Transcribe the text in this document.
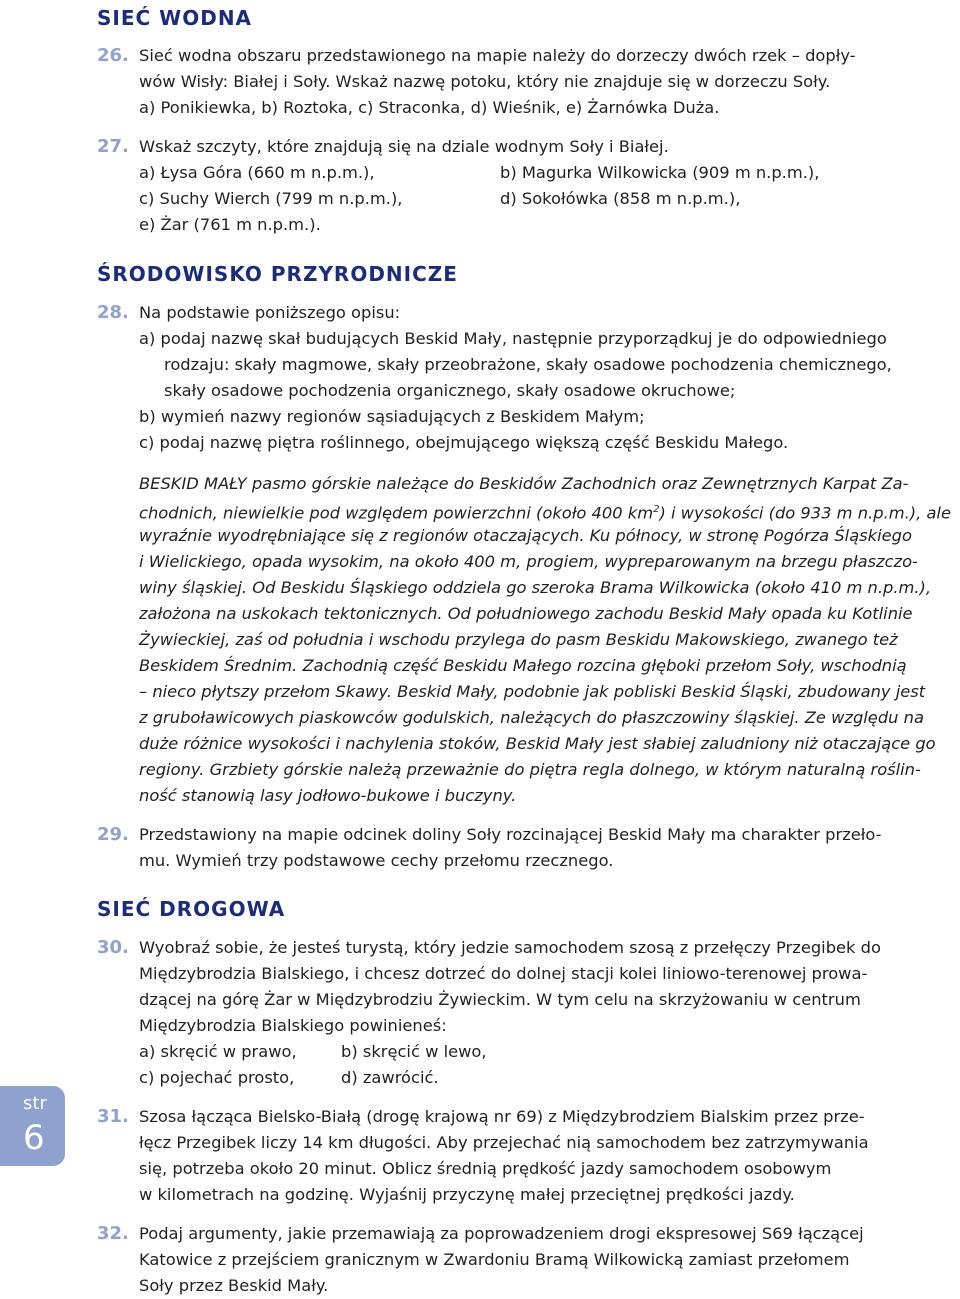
SIEĆ WODNA
26. Sieć wodna obszaru przedstawionego na mapie należy do dorzeczy dwóch rzek – dopły-

wów Wisły: Białej i Soły. Wskaż nazwę potoku, który nie znajduje się w dorzeczu Soły.

a) Ponikiewka, b) Roztoka, c) Straconka, d) Wieśnik, e) Żarnówka Duża.

27. Wskaż szczyty, które znajdują się na dziale wodnym Soły i Białej.

a) Łysa Góra (660 m n.p.m.),	b) Magurka Wilkowicka (909 m n.p.m.),

c) Suchy Wierch (799 m n.p.m.),	d) Sokołówka (858 m n.p.m.),

e) Żar (761 m n.p.m.).

ŚRODOWISKO PRZYRODNICZE
28. Na podstawie poniższego opisu:

a) podaj nazwę skał budujących Beskid Mały, następnie przyporządkuj je do odpowiedniego

rodzaju: skały magmowe, skały przeobrażone, skały osadowe pochodzenia chemicznego,

skały osadowe pochodzenia organicznego, skały osadowe okruchowe;

b) wymień nazwy regionów sąsiadujących z Beskidem Małym;

c) podaj nazwę piętra roślinnego, obejmującego większą część Beskidu Małego.

BESKID MAŁY pasmo górskie należące do Beskidów Zachodnich oraz Zewnętrznych Karpat Za-

chodnich, niewielkie pod względem powierzchni (około 400 $km^2$) i wysokości (do 933 m n.p.m.), ale

wyraźnie wyodrębniające się z regionów otaczających. Ku północy, w stronę Pogórza Śląskiego

i Wielickiego, opada wysokim, na około 400 m, progiem, wypreparowanym na brzegu płaszczo-

winy śląskiej. Od Beskidu Śląskiego oddziela go szeroka Brama Wilkowicka (około 410 m n.p.m.),

założona na uskokach tektonicznych. Od południowego zachodu Beskid Mały opada ku Kotlinie

Żywieckiej, zaś od południa i wschodu przylega do pasm Beskidu Makowskiego, zwanego też

Beskidem Średnim. Zachodnią część Beskidu Małego rozcina głęboki przełom Soły, wschodnią

– nieco płytszy przełom Skawy. Beskid Mały, podobnie jak pobliski Beskid Śląski, zbudowany jest

z gruboławicowych piaskowców godulskich, należących do płaszczowiny śląskiej. Ze względu na

duże różnice wysokości i nachylenia stoków, Beskid Mały jest słabiej zaludniony niż otaczające go

regiony. Grzbiety górskie należą przeważnie do piętra regla dolnego, w którym naturalną roślin-

ność stanowią lasy jodłowo-bukowe i buczyny.

29. Przedstawiony na mapie odcinek doliny Soły rozcinającej Beskid Mały ma charakter przeło-

mu. Wymień trzy podstawowe cechy przełomu rzecznego.

SIEĆ DROGOWA
30. Wyobraź sobie, że jesteś turystą, który jedzie samochodem szosą z przełęczy Przegibek do

Międzybrodzia Bialskiego, i chcesz dotrzeć do dolnej stacji kolei liniowo-terenowej prowa-

dzącej na górę Żar w Międzybrodziu Żywieckim. W tym celu na skrzyżowaniu w centrum

Międzybrodzia Bialskiego powinieneś:

a) skręcić w prawo,	b) skręcić w lewo,

c) pojechać prosto,	d) zawrócić.

str
6
31. Szosa łącząca Bielsko-Białą (drogę krajową nr 69) z Międzybrodziem Bialskim przez prze-

łęcz Przegibek liczy 14 km długości. Aby przejechać nią samochodem bez zatrzymywania

się, potrzeba około 20 minut. Oblicz średnią prędkość jazdy samochodem osobowym

w kilometrach na godzinę. Wyjaśnij przyczynę małej przeciętnej prędkości jazdy.

32. Podaj argumenty, jakie przemawiają za poprowadzeniem drogi ekspresowej S69 łączącej

Katowice z przejściem granicznym w Zwardoniu Bramą Wilkowicką zamiast przełomem

Soły przez Beskid Mały.
